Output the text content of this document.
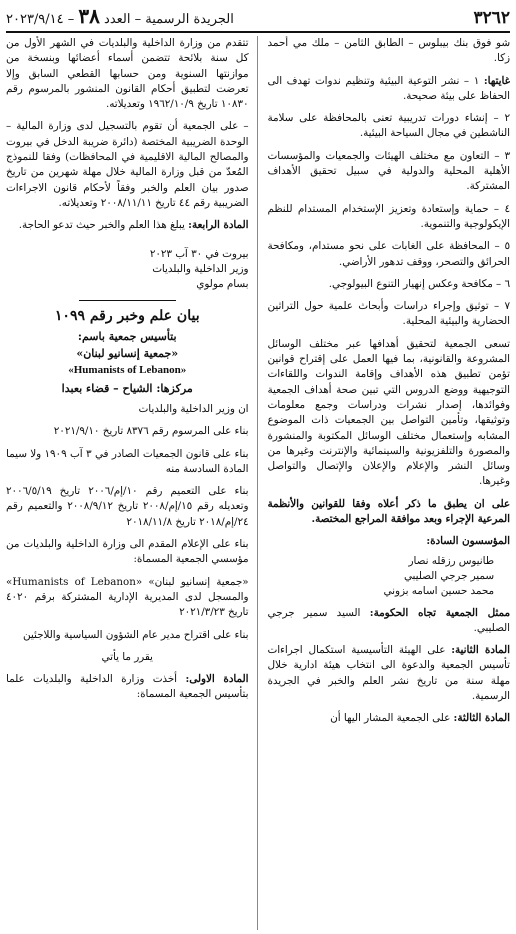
٣٢٦٢
الجريدة الرسمية – العدد ٣٨ – ٢٠٢٣/٩/١٤

شو فوق بنك بيبلوس – الطابق الثامن – ملك مي أحمد زكا.

غايتها: ١ – نشر التوعية البيئية وتنظيم ندوات تهدف الى الحفاظ على بيئة صحيحة.

٢ – إنشاء دورات تدريبية تعنى بالمحافظة على سلامة الناشطين في مجال السياحة البيئية.

٣ – التعاون مع مختلف الهيئات والجمعيات والمؤسسات الأهلية المحلية والدولية في سبيل تحقيق الأهداف المشتركة.

٤ – حماية وإستعادة وتعزيز الإستخدام المستدام للنظم الإيكولوجية والتنموية.

٥ – المحافظة على الغابات على نحو مستدام، ومكافحة الحرائق والتصحر، ووقف تدهور الأراضي.

٦ – مكافحة وعكس إنهيار التنوع البيولوجي.

٧ – توثيق وإجراء دراسات وأبحاث علمية حول التراثين الحضارية والبيئية المحلية.

تسعى الجمعية لتحقيق أهدافها عبر مختلف الوسائل المشروعة والقانونية، بما فيها العمل على إقتراح قوانين تؤمن تطبيق هذه الأهداف وإقامة الندوات واللقاءات التوجيهية ووضع الدروس التي تبين صحة أهداف الجمعية وفوائدها، إصدار نشرات ودراسات وجمع معلومات وتوثيقها، وتأمين التواصل بين الجمعيات ذات الموضوع المشابه وإستعمال مختلف الوسائل المكتوبة والمنشورة والمصورة والتلفزيونية والسينمائية والإنترنت وغيرها من وسائل النشر والإعلام والإعلان والإتصال والتواصل وغيرها.

على ان يطبق ما ذكر أعلاه وفقا للقوانين والأنظمة المرعية الإجراء وبعد موافقة المراجع المختصة.

المؤسسون السادة:

طانيوس رزقله نصار
سمير جرجي الصليبي
محمد حسين اسامه بزوني

ممثل الجمعية تجاه الحكومة: السيد سمير جرجي الصليبي.

المادة الثانية: على الهيئة التأسيسية استكمال اجراءات تأسيس الجمعية والدعوة الى انتخاب هيئة ادارية خلال مهلة سنة من تاريخ نشر العلم والخبر في الجريدة الرسمية.

المادة الثالثة: على الجمعية المشار اليها أن

تتقدم من وزارة الداخلية والبلديات في الشهر الأول من كل سنة بلائحة تتضمن أسماء أعضائها وبنسخة من موازنتها السنوية ومن حسابها القطعي السابق وإلا تعرضت لتطبيق أحكام القانون المنشور بالمرسوم رقم ١٠٨٣٠ تاريخ ١٩٦٢/١٠/٩ وتعديلاته.

– على الجمعية أن تقوم بالتسجيل لدى وزارة المالية – الوحدة الضريبية المختصة (دائرة ضريبة الدخل في بيروت والمصالح المالية الاقليمية في المحافظات) وفقا للنموذج المُعدّ من قبل وزارة المالية خلال مهلة شهرين من تاريخ صدور بيان العلم والخبر وفقاً لأحكام قانون الاجراءات الضريبية رقم ٤٤ تاريخ ٢٠٠٨/١١/١١ وتعديلاته.

المادة الرابعة: يبلغ هذا العلم والخبر حيث تدعو الحاجة.

بيروت في ٣٠ آب ٢٠٢٣

وزير الداخلية والبلديات

بسام مولوي

بيان علم وخبر رقم ١٠٩٩
بتأسيس جمعية باسم:
«جمعية إنسانيو لبنان»
«Humanists of Lebanon»
مركزها: الشياح – قضاء بعبدا

ان وزير الداخلية والبلديات

بناء على المرسوم رقم ٨٣٧٦ تاريخ ٢٠٢١/٩/١٠

بناء على قانون الجمعيات الصادر في ٣ آب ١٩٠٩ ولا سيما المادة السادسة منه

بناء على التعميم رقم ١٠/إم/٢٠٠٦ تاريخ ٢٠٠٦/٥/١٩ وتعديله رقم ١٥/إم/٢٠٠٨ تاريخ ٢٠٠٨/٩/١٢ والتعميم رقم ٢٤/إم/٢٠١٨ تاريخ ٢٠١٨/١١/٨

بناء على الإعلام المقدم الى وزارة الداخلية والبلديات من مؤسسي الجمعية المسماة:

«جمعية إنسانيو لبنان» «Humanists of Lebanon» والمسجل لدى المديرية الإدارية المشتركة برقم ٤٠٢٠ تاريخ ٢٠٢١/٣/٢٣

بناء على اقتراح مدير عام الشؤون السياسية واللاجئين

يقرر ما يأتي

المادة الاولى: أخذت وزارة الداخلية والبلديات علما بتأسيس الجمعية المسماة:
